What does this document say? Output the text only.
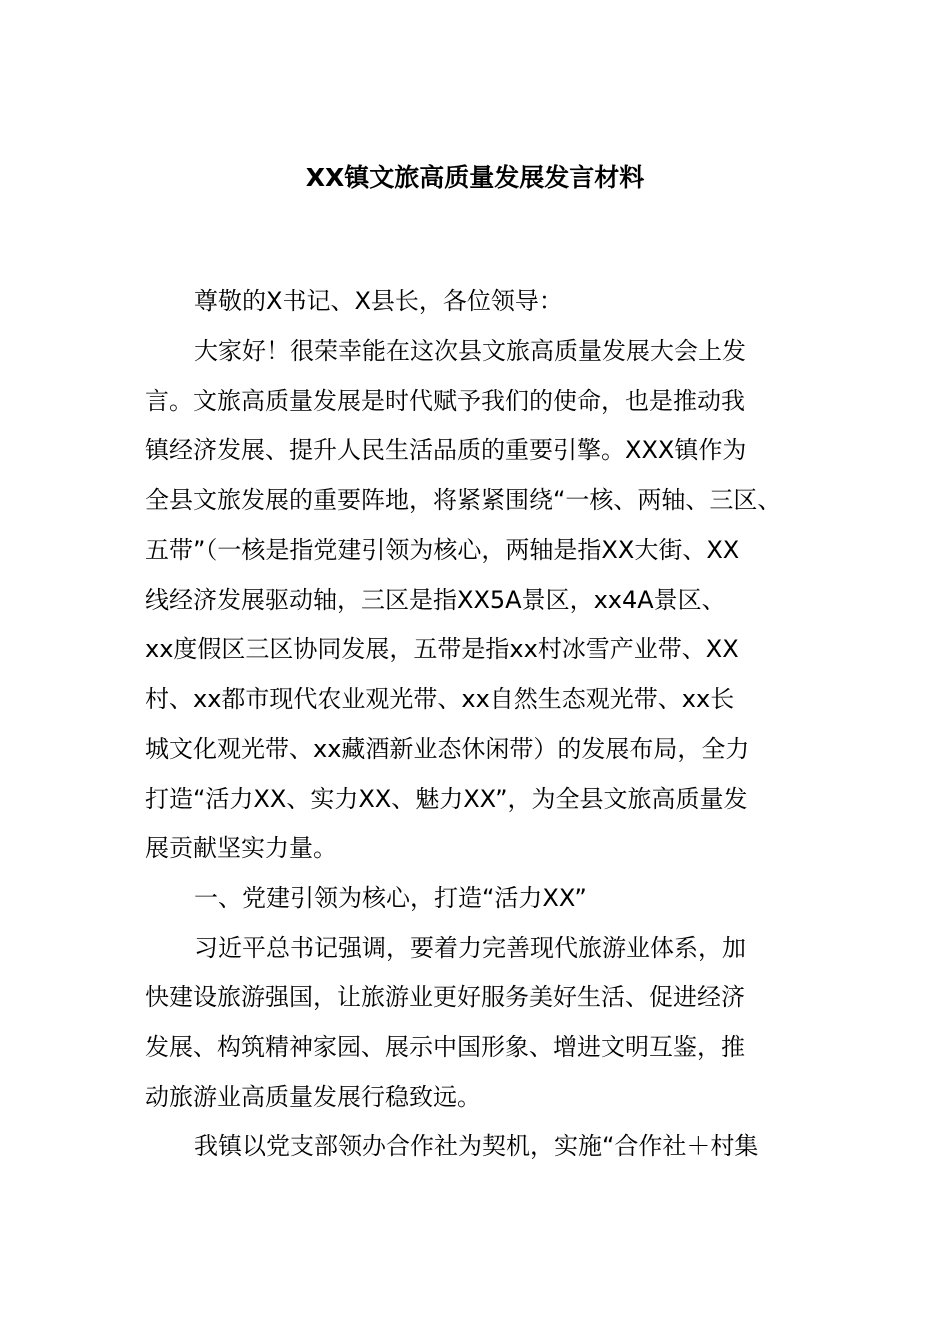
XX镇文旅高质量发展发言材料
尊敬的X书记、X县长，各位领导：
大家好！很荣幸能在这次县文旅高质量发展大会上发
言。文旅高质量发展是时代赋予我们的使命，也是推动我
镇经济发展、提升人民生活品质的重要引擎。XXX镇作为
全县文旅发展的重要阵地，将紧紧围绕“一核、两轴、三区、
五带”（一核是指党建引领为核心，两轴是指XX大街、XX
线经济发展驱动轴，三区是指XX5A景区，xx4A景区、
xx度假区三区协同发展，五带是指xx村冰雪产业带、XX
村、xx都市现代农业观光带、xx自然生态观光带、xx长
城文化观光带、xx藏酒新业态休闲带）的发展布局，全力
打造“活力XX、实力XX、魅力XX”，为全县文旅高质量发
展贡献坚实力量。
一、党建引领为核心，打造“活力XX”
习近平总书记强调，要着力完善现代旅游业体系，加
快建设旅游强国，让旅游业更好服务美好生活、促进经济
发展、构筑精神家园、展示中国形象、增进文明互鉴，推
动旅游业高质量发展行稳致远。
我镇以党支部领办合作社为契机，实施“合作社＋村集
